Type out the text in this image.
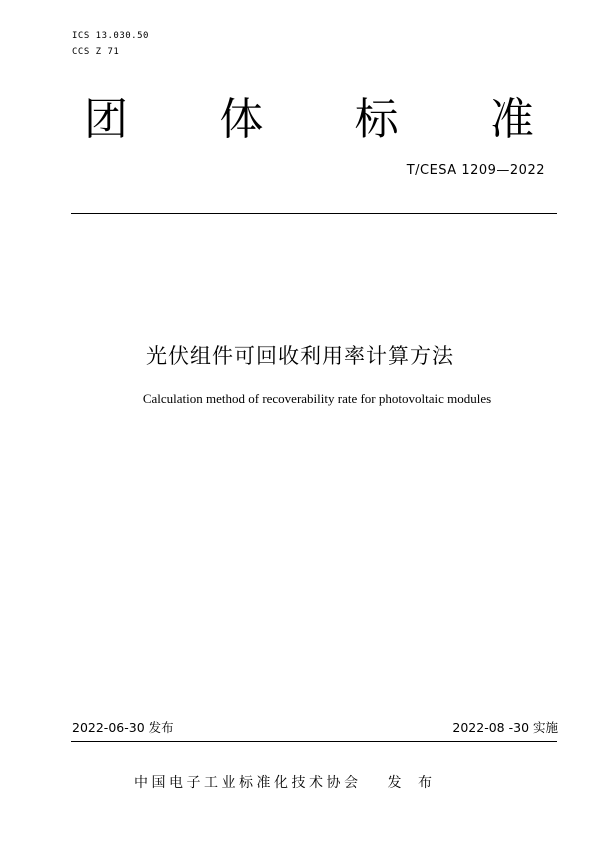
ICS 13.030.50
CCS Z 71
团 体 标 准
T/CESA 1209—2022
光伏组件可回收利用率计算方法
Calculation method of recoverability rate for photovoltaic modules
2022-06-30 发布	2022-08 -30 实施
中国电子工业标准化技术协会 发 布
